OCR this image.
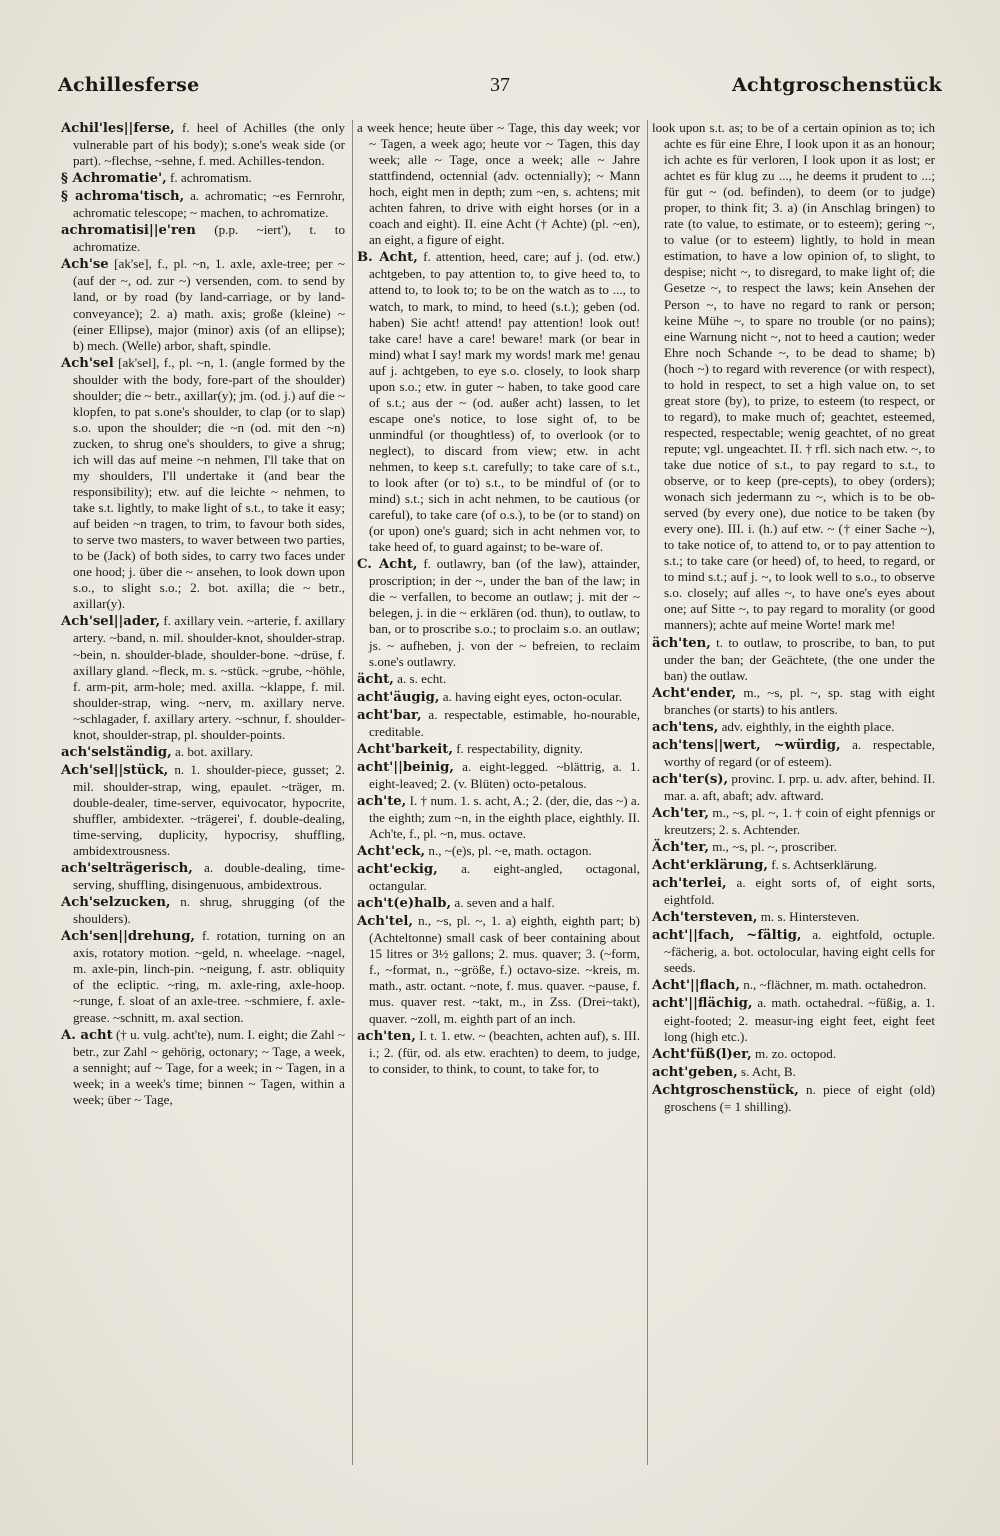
Achillesferse	37	Achtgroschenstück

Achil'les||ferse, f. heel of Achilles (the only vulnerable part of his body); s.one's weak side (or part). ~flechse, ~sehne, f. med. Achilles-tendon.

§ Achromatie', f. achromatism.

§ achroma'tisch, a. achromatic; ~es Fernrohr, achromatic telescope; ~ machen, to achromatize.

achromatisi||e'ren (p.p. ~iert'), t. to achromatize.

Ach'se [ak'se], f., pl. ~n, 1. axle, axle-tree; per ~ (auf der ~, od. zur ~) versenden, com. to send by land, or by road (by land-carriage, or by land-conveyance); 2. a) math. axis; große (kleine) ~ (einer Ellipse), major (minor) axis (of an ellipse); b) mech. (Welle) arbor, shaft, spindle.

Ach'sel [ak'sel], f., pl. ~n, 1. (angle formed by the shoulder with the body, fore-part of the shoulder) shoulder; die ~ betr., axillar(y); jm. (od. j.) auf die ~ klopfen, to pat s.one's shoulder, to clap (or to slap) s.o. upon the shoulder; die ~n (od. mit den ~n) zucken, to shrug one's shoulders, to give a shrug; ich will das auf meine ~n nehmen, I'll take that on my shoulders, I'll undertake it (and bear the responsibility); etw. auf die leichte ~ nehmen, to take s.t. lightly, to make light of s.t., to take it easy; auf beiden ~n tragen, to trim, to favour both sides, to serve two masters, to waver between two parties, to be (Jack) of both sides, to carry two faces under one hood; j. über die ~ ansehen, to look down upon s.o., to slight s.o.; 2. bot. axilla; die ~ betr., axillar(y).

Ach'sel||ader, f. axillary vein. ~arterie, f. axillary artery. ~band, n. mil. shoulder-knot, shoulder-strap. ~bein, n. shoulder-blade, shoulder-bone. ~drüse, f. axillary gland. ~fleck, m. s. ~stück. ~grube, ~höhle, f. arm-pit, arm-hole; med. axilla. ~klappe, f. mil. shoulder-strap, wing. ~nerv, m. axillary nerve. ~schlagader, f. axillary artery. ~schnur, f. shoulder-knot, shoulder-strap, pl. shoulder-points.

ach'selständig, a. bot. axillary.

Ach'sel||stück, n. 1. shoulder-piece, gusset; 2. mil. shoulder-strap, wing, epaulet. ~träger, m. double-dealer, time-server, equivocator, hypocrite, shuffler, ambidexter. ~trägerei', f. double-dealing, time-serving, duplicity, hypocrisy, shuffling, ambidextrousness.

ach'selträgerisch, a. double-dealing, time-serving, shuffling, disingenuous, ambidextrous.

Ach'selzucken, n. shrug, shrugging (of the shoulders).

Ach'sen||drehung, f. rotation, turning on an axis, rotatory motion. ~geld, n. wheelage. ~nagel, m. axle-pin, linch-pin. ~neigung, f. astr. obliquity of the ecliptic. ~ring, m. axle-ring, axle-hoop. ~runge, f. sloat of an axle-tree. ~schmiere, f. axle-grease. ~schnitt, m. axal section.

A. acht († u. vulg. acht'te), num. I. eight; die Zahl ~ betr., zur Zahl ~ gehörig, octonary; ~ Tage, a week, a sennight; auf ~ Tage, for a week; in ~ Tagen, in a week; in a week's time; binnen ~ Tagen, within a week; über ~ Tage,

a week hence; heute über ~ Tage, this day week; vor ~ Tagen, a week ago; heute vor ~ Tagen, this day week; alle ~ Tage, once a week; alle ~ Jahre stattfindend, octennial (adv. octennially); ~ Mann hoch, eight men in depth; zum ~en, s. achtens; mit achten fahren, to drive with eight horses (or in a coach and eight). II. eine Acht († Achte) (pl. ~en), an eight, a figure of eight.

B. Acht, f. attention, heed, care; auf j. (od. etw.) achtgeben, to pay attention to, to give heed to, to attend to, to look to; to be on the watch as to ..., to watch, to mark, to mind, to heed (s.t.); geben (od. haben) Sie acht! attend! pay attention! look out! take care! have a care! beware! mark (or bear in mind) what I say! mark my words! mark me! genau auf j. achtgeben, to eye s.o. closely, to look sharp upon s.o.; etw. in guter ~ haben, to take good care of s.t.; aus der ~ (od. außer acht) lassen, to let escape one's notice, to lose sight of, to be unmindful (or thoughtless) of, to overlook (or to neglect), to discard from view; etw. in acht nehmen, to keep s.t. carefully; to take care of s.t., to look after (or to) s.t., to be mindful of (or to mind) s.t.; sich in acht nehmen, to be cautious (or careful), to take care (of o.s.), to be (or to stand) on (or upon) one's guard; sich in acht nehmen vor, to take heed of, to guard against; to be-ware of.

C. Acht, f. outlawry, ban (of the law), attainder, proscription; in der ~, under the ban of the law; in die ~ verfallen, to become an outlaw; j. mit der ~ belegen, j. in die ~ erklären (od. thun), to outlaw, to ban, or to proscribe s.o.; to proclaim s.o. an outlaw; js. ~ aufheben, j. von der ~ befreien, to reclaim s.one's outlawry.

ächt, a. s. echt.

acht'äugig, a. having eight eyes, octon-ocular.

acht'bar, a. respectable, estimable, ho-nourable, creditable.

Acht'barkeit, f. respectability, dignity.

acht'||beinig, a. eight-legged. ~blättrig, a. 1. eight-leaved; 2. (v. Blüten) octo-petalous.

ach'te, I. † num. 1. s. acht, A.; 2. (der, die, das ~) a. the eighth; zum ~n, in the eighth place, eighthly. II. Ach'te, f., pl. ~n, mus. octave.

Acht'eck, n., ~(e)s, pl. ~e, math. octagon.

acht'eckig, a. eight-angled, octagonal, octangular.

ach't(e)halb, a. seven and a half.

Ach'tel, n., ~s, pl. ~, 1. a) eighth, eighth part; b) (Achteltonne) small cask of beer containing about 15 litres or 3½ gallons; 2. mus. quaver; 3. (~form, f., ~format, n., ~größe, f.) octavo-size. ~kreis, m. math., astr. octant. ~note, f. mus. quaver. ~pause, f. mus. quaver rest. ~takt, m., in Zss. (Drei~takt), quaver. ~zoll, m. eighth part of an inch.

ach'ten, I. t. 1. etw. ~ (beachten, achten auf), s. III. i.; 2. (für, od. als etw. erachten) to deem, to judge, to consider, to think, to count, to take for, to

look upon s.t. as; to be of a certain opinion as to; ich achte es für eine Ehre, I look upon it as an honour; ich achte es für verloren, I look upon it as lost; er achtet es für klug zu ..., he deems it prudent to ...; für gut ~ (od. befinden), to deem (or to judge) proper, to think fit; 3. a) (in Anschlag bringen) to rate (to value, to estimate, or to esteem); gering ~, to value (or to esteem) lightly, to hold in mean estimation, to have a low opinion of, to slight, to despise; nicht ~, to disregard, to make light of; die Gesetze ~, to respect the laws; kein Ansehen der Person ~, to have no regard to rank or person; keine Mühe ~, to spare no trouble (or no pains); eine Warnung nicht ~, not to heed a caution; weder Ehre noch Schande ~, to be dead to shame; b) (hoch ~) to regard with reverence (or with respect), to hold in respect, to set a high value on, to set great store (by), to prize, to esteem (to respect, or to regard), to make much of; geachtet, esteemed, respected, respectable; wenig geachtet, of no great repute; vgl. ungeachtet. II. † rfl. sich nach etw. ~, to take due notice of s.t., to pay regard to s.t., to observe, or to keep (pre-cepts), to obey (orders); wonach sich jedermann zu ~, which is to be ob-served (by every one), due notice to be taken (by every one). III. i. (h.) auf etw. ~ († einer Sache ~), to take notice of, to attend to, or to pay attention to s.t.; to take care (or heed) of, to heed, to regard, or to mind s.t.; auf j. ~, to look well to s.o., to observe s.o. closely; auf alles ~, to have one's eyes about one; auf Sitte ~, to pay regard to morality (or good manners); achte auf meine Worte! mark me!

äch'ten, t. to outlaw, to proscribe, to ban, to put under the ban; der Geächtete, (the one under the ban) the outlaw.

Acht'ender, m., ~s, pl. ~, sp. stag with eight branches (or starts) to his antlers.

ach'tens, adv. eighthly, in the eighth place.

ach'tens||wert, ~würdig, a. respectable, worthy of regard (or of esteem).

ach'ter(s), provinc. I. prp. u. adv. after, behind. II. mar. a. aft, abaft; adv. aftward.

Ach'ter, m., ~s, pl. ~, 1. † coin of eight pfennigs or kreutzers; 2. s. Achtender.

Äch'ter, m., ~s, pl. ~, proscriber.

Acht'erklärung, f. s. Achtserklärung.

ach'terlei, a. eight sorts of, of eight sorts, eightfold.

Ach'tersteven, m. s. Hintersteven.

acht'||fach, ~fältig, a. eightfold, octuple. ~fächerig, a. bot. octolocular, having eight cells for seeds.

Acht'||flach, n., ~flächner, m. math. octahedron.

acht'||flächig, a. math. octahedral. ~füßig, a. 1. eight-footed; 2. measur-ing eight feet, eight feet long (high etc.).

Acht'füß(l)er, m. zo. octopod.

acht'geben, s. Acht, B.

Achtgroschenstück, n. piece of eight (old) groschens (= 1 shilling).
